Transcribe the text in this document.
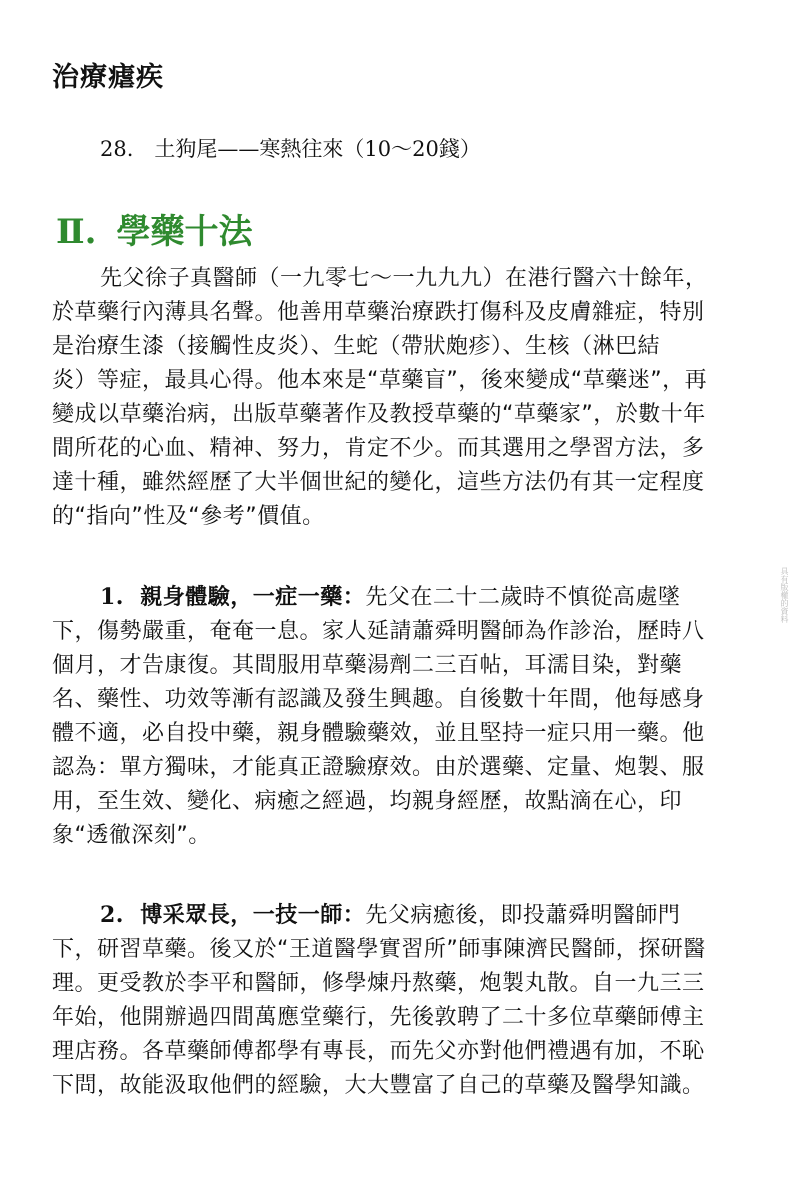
治療瘧疾
28.　土狗尾——寒熱往來（10～20錢）
Ⅱ. 學藥十法
先父徐子真醫師（一九零七～一九九九）在港行醫六十餘年，
於草藥行內薄具名聲。他善用草藥治療跌打傷科及皮膚雜症，特別
是治療生漆（接觸性皮炎）、生蛇（帶狀皰疹）、生核（淋巴結
炎）等症，最具心得。他本來是“草藥盲”，後來變成“草藥迷”，再
變成以草藥治病，出版草藥著作及教授草藥的“草藥家”，於數十年
間所花的心血、精神、努力，肯定不少。而其選用之學習方法，多
達十種，雖然經歷了大半個世紀的變化，這些方法仍有其一定程度
的“指向”性及“參考”價值。
1. 親身體驗，一症一藥：先父在二十二歲時不慎從高處墜
下，傷勢嚴重，奄奄一息。家人延請蕭舜明醫師為作診治，歷時八
個月，才告康復。其間服用草藥湯劑二三百帖，耳濡目染，對藥
名、藥性、功效等漸有認識及發生興趣。自後數十年間，他每感身
體不適，必自投中藥，親身體驗藥效，並且堅持一症只用一藥。他
認為：單方獨味，才能真正證驗療效。由於選藥、定量、炮製、服
用，至生效、變化、病癒之經過，均親身經歷，故點滴在心，印
象“透徹深刻”。
2. 博采眾長，一技一師：先父病癒後，即投蕭舜明醫師門
下，研習草藥。後又於“王道醫學實習所”師事陳濟民醫師，探研醫
理。更受教於李平和醫師，修學煉丹熬藥，炮製丸散。自一九三三
年始，他開辦過四間萬應堂藥行，先後敦聘了二十多位草藥師傅主
理店務。各草藥師傅都學有專長，而先父亦對他們禮遇有加，不恥
下問，故能汲取他們的經驗，大大豐富了自己的草藥及醫學知識。
具有版權的資料
